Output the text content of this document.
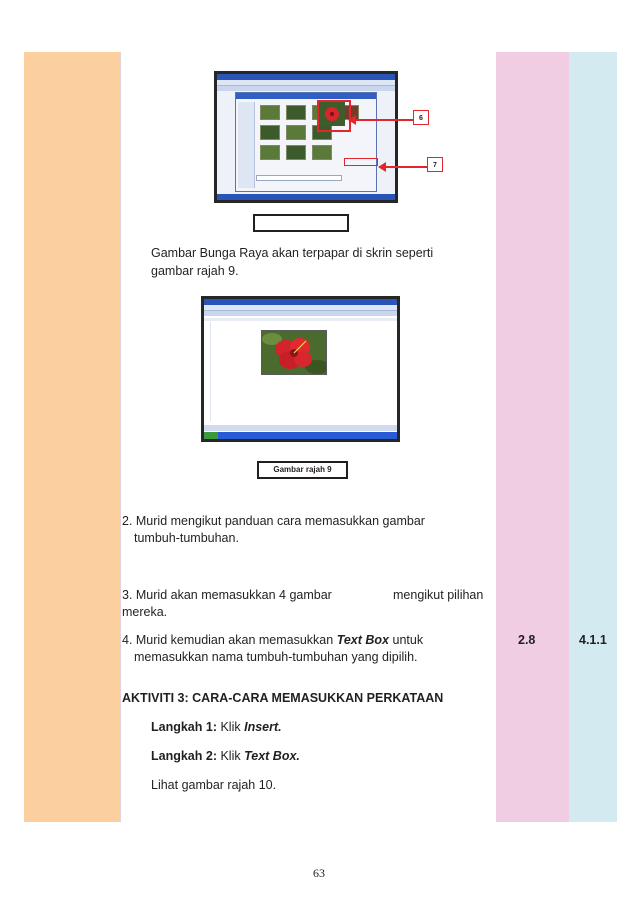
6
7
Gambar Bunga Raya akan terpapar di skrin seperti
gambar rajah 9.
Gambar rajah 9
2. Murid mengikut panduan cara memasukkan gambar
tumbuh-tumbuhan.
3. Murid akan memasukkan 4 gambar	mengikut pilihan
mereka.
4. Murid kemudian akan memasukkan Text Box untuk
memasukkan nama tumbuh-tumbuhan yang dipilih.
2.8	4.1.1
AKTIVITI 3: CARA-CARA MEMASUKKAN PERKATAAN
Langkah 1: Klik Insert.
Langkah 2: Klik Text Box.
Lihat gambar rajah 10.
63
